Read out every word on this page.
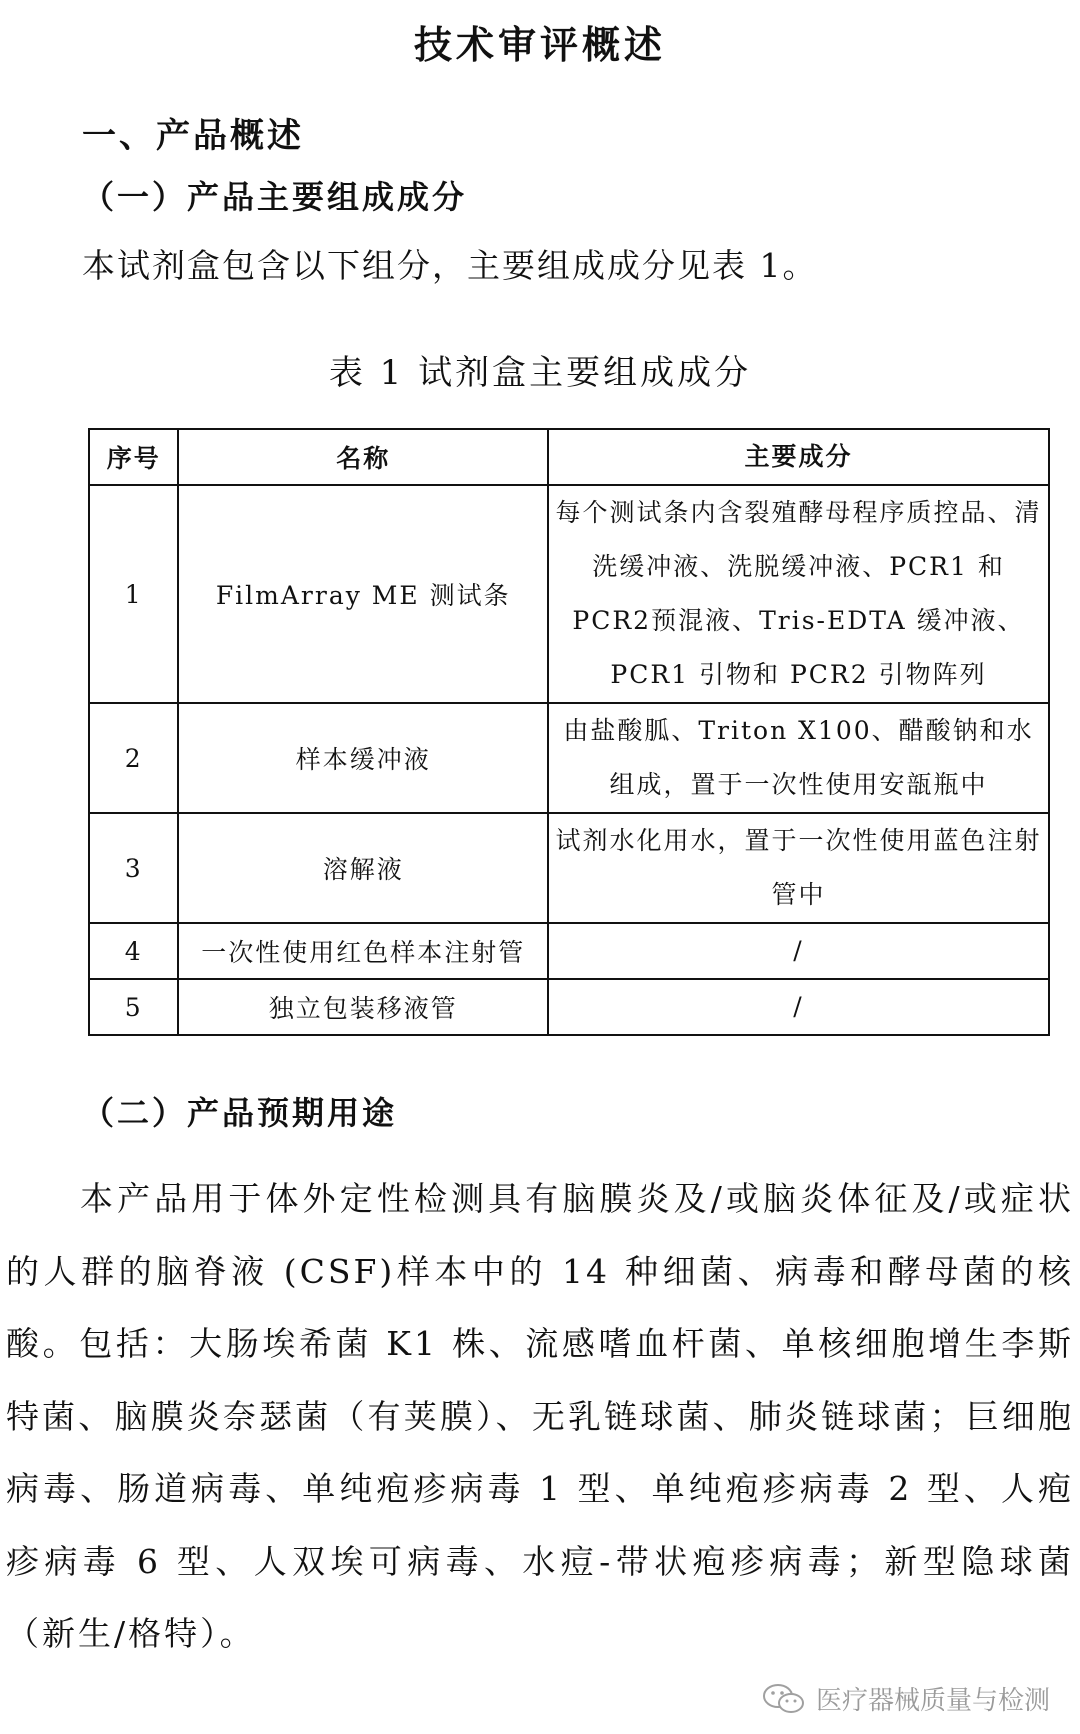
技术审评概述
一、产品概述
（一）产品主要组成成分

本试剂盒包含以下组分，主要组成成分见表 1。

表 1 试剂盒主要组成成分

序号	名称	主要成分
1	FilmArray ME 测试条	每个测试条内含裂殖酵母程序质控品、清洗缓冲液、洗脱缓冲液、PCR1 和 PCR2预混液、Tris-EDTA 缓冲液、PCR1 引物和 PCR2 引物阵列
2	样本缓冲液	由盐酸胍、Triton X100、醋酸钠和水组成，置于一次性使用安瓿瓶中
3	溶解液	试剂水化用水，置于一次性使用蓝色注射管中
4	一次性使用红色样本注射管	/
5	独立包装移液管	/
（二）产品预期用途

本产品用于体外定性检测具有脑膜炎及/或脑炎体征及/或症状的人群的脑脊液 (CSF)样本中的 14 种细菌、病毒和酵母菌的核酸。包括：大肠埃希菌 K1 株、流感嗜血杆菌、单核细胞增生李斯特菌、脑膜炎奈瑟菌（有荚膜）、无乳链球菌、肺炎链球菌；巨细胞病毒、肠道病毒、单纯疱疹病毒 1 型、单纯疱疹病毒 2 型、人疱疹病毒 6 型、人双埃可病毒、水痘-带状疱疹病毒；新型隐球菌（新生/格特）。

医疗器械质量与检测
